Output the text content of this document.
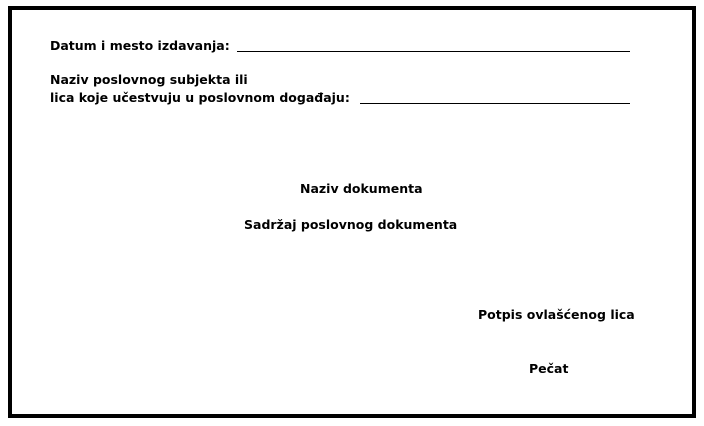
Datum i mesto izdavanja:
Naziv poslovnog subjekta ili
lica koje učestvuju u poslovnom događaju:
Naziv dokumenta
Sadržaj poslovnog dokumenta
Potpis ovlašćenog lica
Pečat
